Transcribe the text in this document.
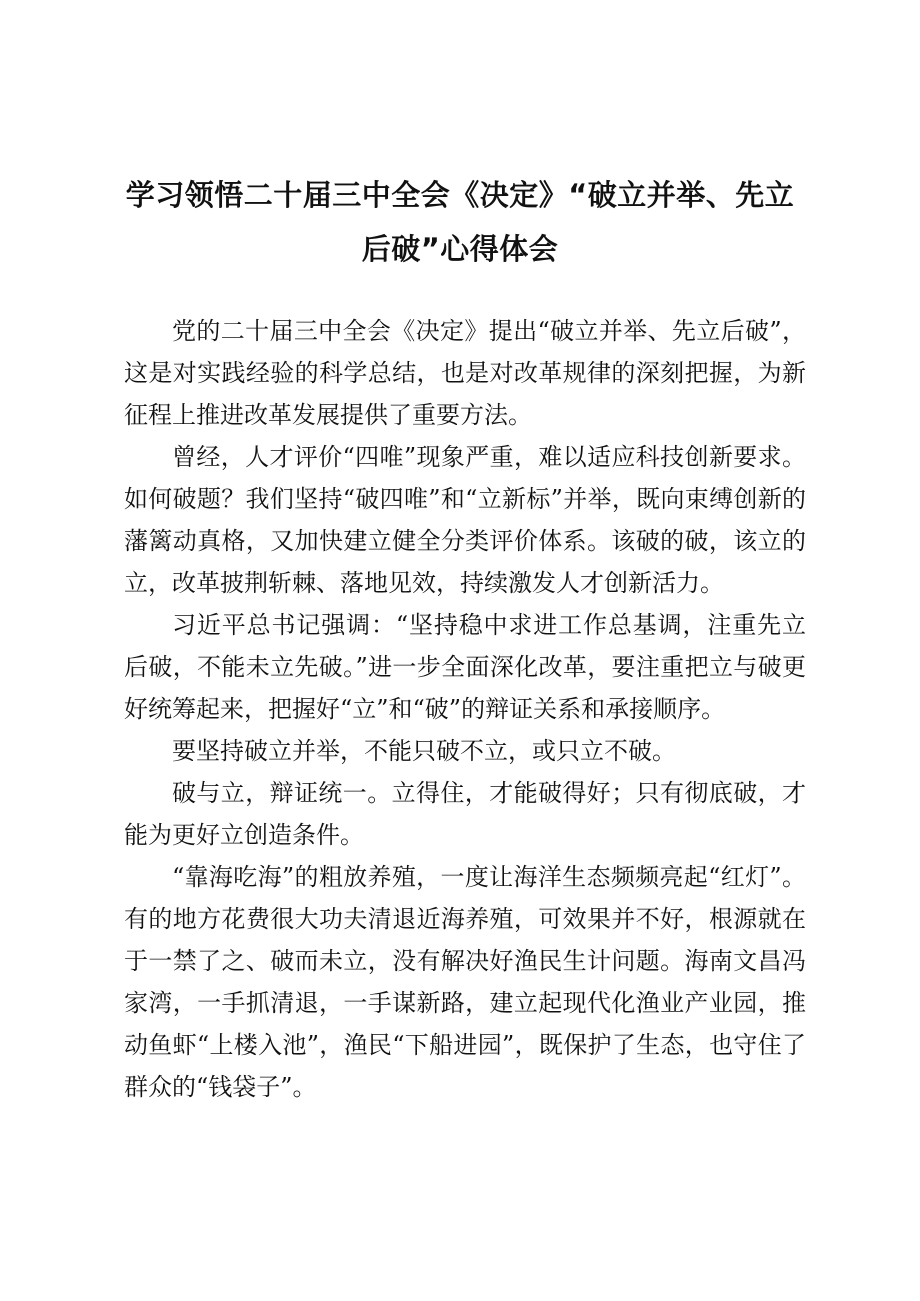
学习领悟二十届三中全会《决定》“破立并举、先立后破”心得体会

党的二十届三中全会《决定》提出“破立并举、先立后破”，这是对实践经验的科学总结，也是对改革规律的深刻把握，为新征程上推进改革发展提供了重要方法。

曾经，人才评价“四唯”现象严重，难以适应科技创新要求。如何破题？我们坚持“破四唯”和“立新标”并举，既向束缚创新的藩篱动真格，又加快建立健全分类评价体系。该破的破，该立的立，改革披荆斩棘、落地见效，持续激发人才创新活力。

习近平总书记强调：“坚持稳中求进工作总基调，注重先立后破，不能未立先破。”进一步全面深化改革，要注重把立与破更好统筹起来，把握好“立”和“破”的辩证关系和承接顺序。

要坚持破立并举，不能只破不立，或只立不破。

破与立，辩证统一。立得住，才能破得好；只有彻底破，才能为更好立创造条件。

“靠海吃海”的粗放养殖，一度让海洋生态频频亮起“红灯”。有的地方花费很大功夫清退近海养殖，可效果并不好，根源就在于一禁了之、破而未立，没有解决好渔民生计问题。海南文昌冯家湾，一手抓清退，一手谋新路，建立起现代化渔业产业园，推动鱼虾“上楼入池”，渔民“下船进园”，既保护了生态，也守住了群众的“钱袋子”。
